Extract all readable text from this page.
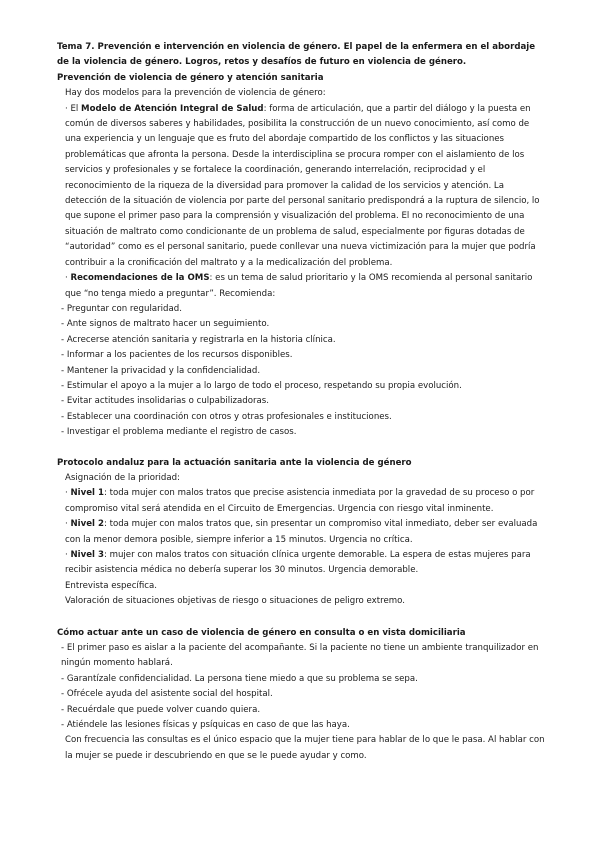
Tema 7. Prevención e intervención en violencia de género. El papel de la enfermera en el abordaje de la violencia de género. Logros, retos y desafíos de futuro en violencia de género.

Prevención de violencia de género y atención sanitaria

Hay dos modelos para la prevención de violencia de género:

· El Modelo de Atención Integral de Salud: forma de articulación, que a partir del diálogo y la puesta en común de diversos saberes y habilidades, posibilita la construcción de un nuevo conocimiento, así como de una experiencia y un lenguaje que es fruto del abordaje compartido de los conflictos y las situaciones problemáticas que afronta la persona. Desde la interdisciplina se procura romper con el aislamiento de los servicios y profesionales y se fortalece la coordinación, generando interrelación, reciprocidad y el reconocimiento de la riqueza de la diversidad para promover la calidad de los servicios y atención. La detección de la situación de violencia por parte del personal sanitario predispondrá a la ruptura de silencio, lo que supone el primer paso para la comprensión y visualización del problema. El no reconocimiento de una situación de maltrato como condicionante de un problema de salud, especialmente por figuras dotadas de “autoridad” como es el personal sanitario, puede conllevar una nueva victimización para la mujer que podría contribuir a la cronificación del maltrato y a la medicalización del problema.

· Recomendaciones de la OMS: es un tema de salud prioritario y la OMS recomienda al personal sanitario que “no tenga miedo a preguntar”. Recomienda:

- Preguntar con regularidad.

- Ante signos de maltrato hacer un seguimiento.

- Acrecerse atención sanitaria y registrarla en la historia clínica.

- Informar a los pacientes de los recursos disponibles.

- Mantener la privacidad y la confidencialidad.

- Estimular el apoyo a la mujer a lo largo de todo el proceso, respetando su propia evolución.

- Evitar actitudes insolidarias o culpabilizadoras.

- Establecer una coordinación con otros y otras profesionales e instituciones.

- Investigar el problema mediante el registro de casos.

Protocolo andaluz para la actuación sanitaria ante la violencia de género

Asignación de la prioridad:

· Nivel 1: toda mujer con malos tratos que precise asistencia inmediata por la gravedad de su proceso o por compromiso vital será atendida en el Circuito de Emergencias. Urgencia con riesgo vital inminente.

· Nivel 2: toda mujer con malos tratos que, sin presentar un compromiso vital inmediato, deber ser evaluada con la menor demora posible, siempre inferior a 15 minutos. Urgencia no crítica.

· Nivel 3: mujer con malos tratos con situación clínica urgente demorable. La espera de estas mujeres para recibir asistencia médica no debería superar los 30 minutos. Urgencia demorable.

Entrevista específica.

Valoración de situaciones objetivas de riesgo o situaciones de peligro extremo.

Cómo actuar ante un caso de violencia de género en consulta o en vista domiciliaria

- El primer paso es aislar a la paciente del acompañante. Si la paciente no tiene un ambiente tranquilizador en ningún momento hablará.

- Garantízale confidencialidad. La persona tiene miedo a que su problema se sepa.

- Ofrécele ayuda del asistente social del hospital.

- Recuérdale que puede volver cuando quiera.

- Atiéndele las lesiones físicas y psíquicas en caso de que las haya.

Con frecuencia las consultas es el único espacio que la mujer tiene para hablar de lo que le pasa. Al hablar con la mujer se puede ir descubriendo en que se le puede ayudar y como.
